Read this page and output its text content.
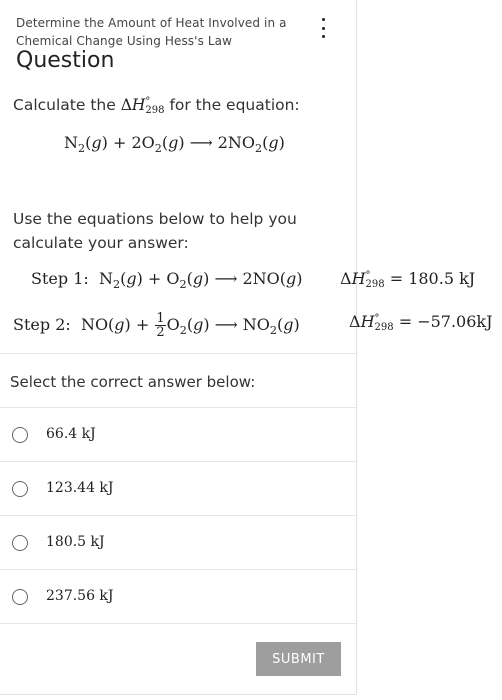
Determine the Amount of Heat Involved in a Chemical Change Using Hess's Law
Question
Calculate the ΔH °
298 for the equation:
$N_2(g) + 2O_2(g)$ ⟶ $2NO_2(g)$
Use the equations below to help you calculate your answer:
Step 1:  $N_2(g) + O_2(g)$ ⟶ 2NO(g) ΔH °
298 = 180.5 kJ
Step 2:  $NO(g) + \frac{1}{2} O_2(g)$ ⟶ $NO_2(g)$	ΔH °
298 = −57.06kJ
Select the correct answer below:
66.4 kJ
123.44 kJ
180.5 kJ
237.56 kJ
SUBMIT
